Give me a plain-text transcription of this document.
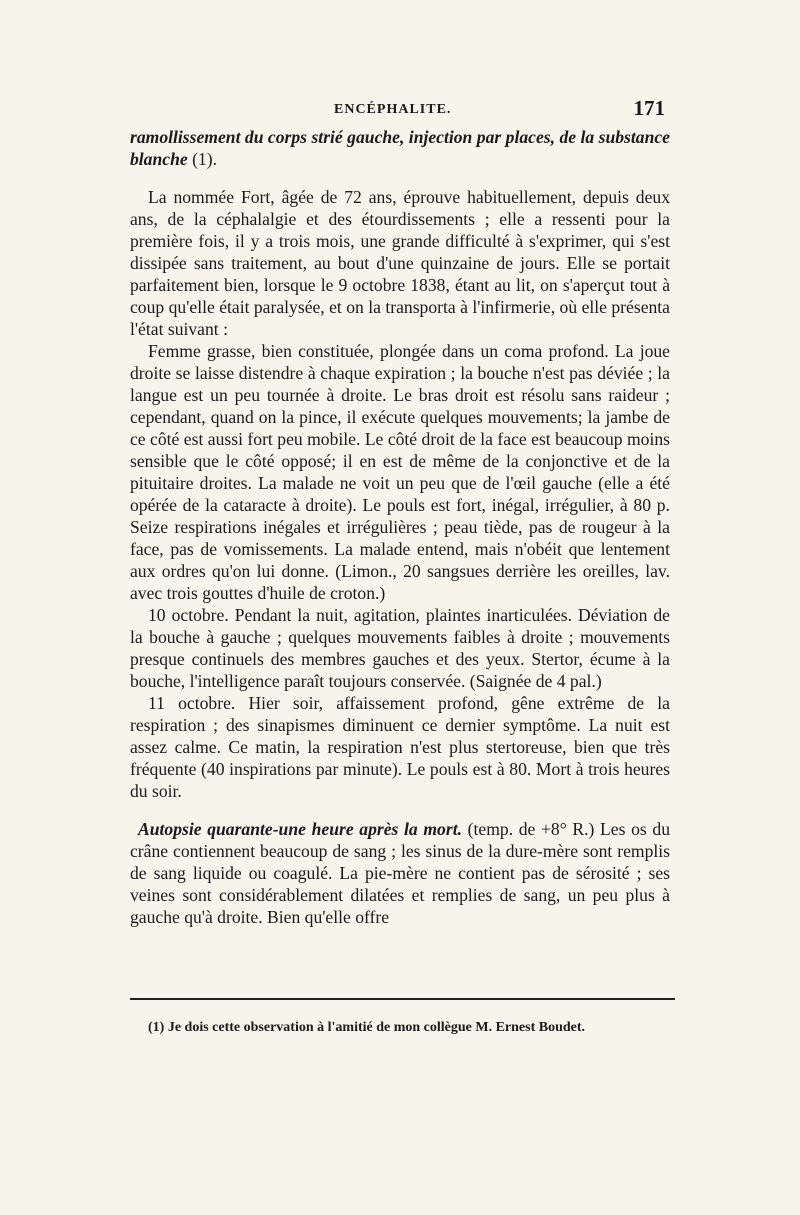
ENCÉPHALITE.	171

ramollissement du corps strié gauche, injection par places, de la substance blanche (1).

La nommée Fort, âgée de 72 ans, éprouve habituellement, depuis deux ans, de la céphalalgie et des étourdissements ; elle a ressenti pour la première fois, il y a trois mois, une grande difficulté à s'exprimer, qui s'est dissipée sans traitement, au bout d'une quinzaine de jours. Elle se portait parfaitement bien, lorsque le 9 octobre 1838, étant au lit, on s'aperçut tout à coup qu'elle était paralysée, et on la transporta à l'infirmerie, où elle présenta l'état suivant :

Femme grasse, bien constituée, plongée dans un coma profond. La joue droite se laisse distendre à chaque expiration ; la bouche n'est pas déviée ; la langue est un peu tournée à droite. Le bras droit est résolu sans raideur ; cependant, quand on la pince, il exécute quelques mouvements; la jambe de ce côté est aussi fort peu mobile. Le côté droit de la face est beaucoup moins sensible que le côté opposé; il en est de même de la conjonctive et de la pituitaire droites. La malade ne voit un peu que de l'œil gauche (elle a été opérée de la cataracte à droite). Le pouls est fort, inégal, irrégulier, à 80 p. Seize respirations inégales et irrégulières ; peau tiède, pas de rougeur à la face, pas de vomissements. La malade entend, mais n'obéit que lentement aux ordres qu'on lui donne. (Limon., 20 sangsues derrière les oreilles, lav. avec trois gouttes d'huile de croton.)

10 octobre. Pendant la nuit, agitation, plaintes inarticulées. Déviation de la bouche à gauche ; quelques mouvements faibles à droite ; mouvements presque continuels des membres gauches et des yeux. Stertor, écume à la bouche, l'intelligence paraît toujours conservée. (Saignée de 4 pal.)

11 octobre. Hier soir, affaissement profond, gêne extrême de la respiration ; des sinapismes diminuent ce dernier symptôme. La nuit est assez calme. Ce matin, la respiration n'est plus stertoreuse, bien que très fréquente (40 inspirations par minute). Le pouls est à 80. Mort à trois heures du soir.

Autopsie quarante-une heure après la mort. (temp. de +8° R.) Les os du crâne contiennent beaucoup de sang ; les sinus de la dure-mère sont remplis de sang liquide ou coagulé. La pie-mère ne contient pas de sérosité ; ses veines sont considérablement dilatées et remplies de sang, un peu plus à gauche qu'à droite. Bien qu'elle offre

(1) Je dois cette observation à l'amitié de mon collègue M. Ernest Boudet.
